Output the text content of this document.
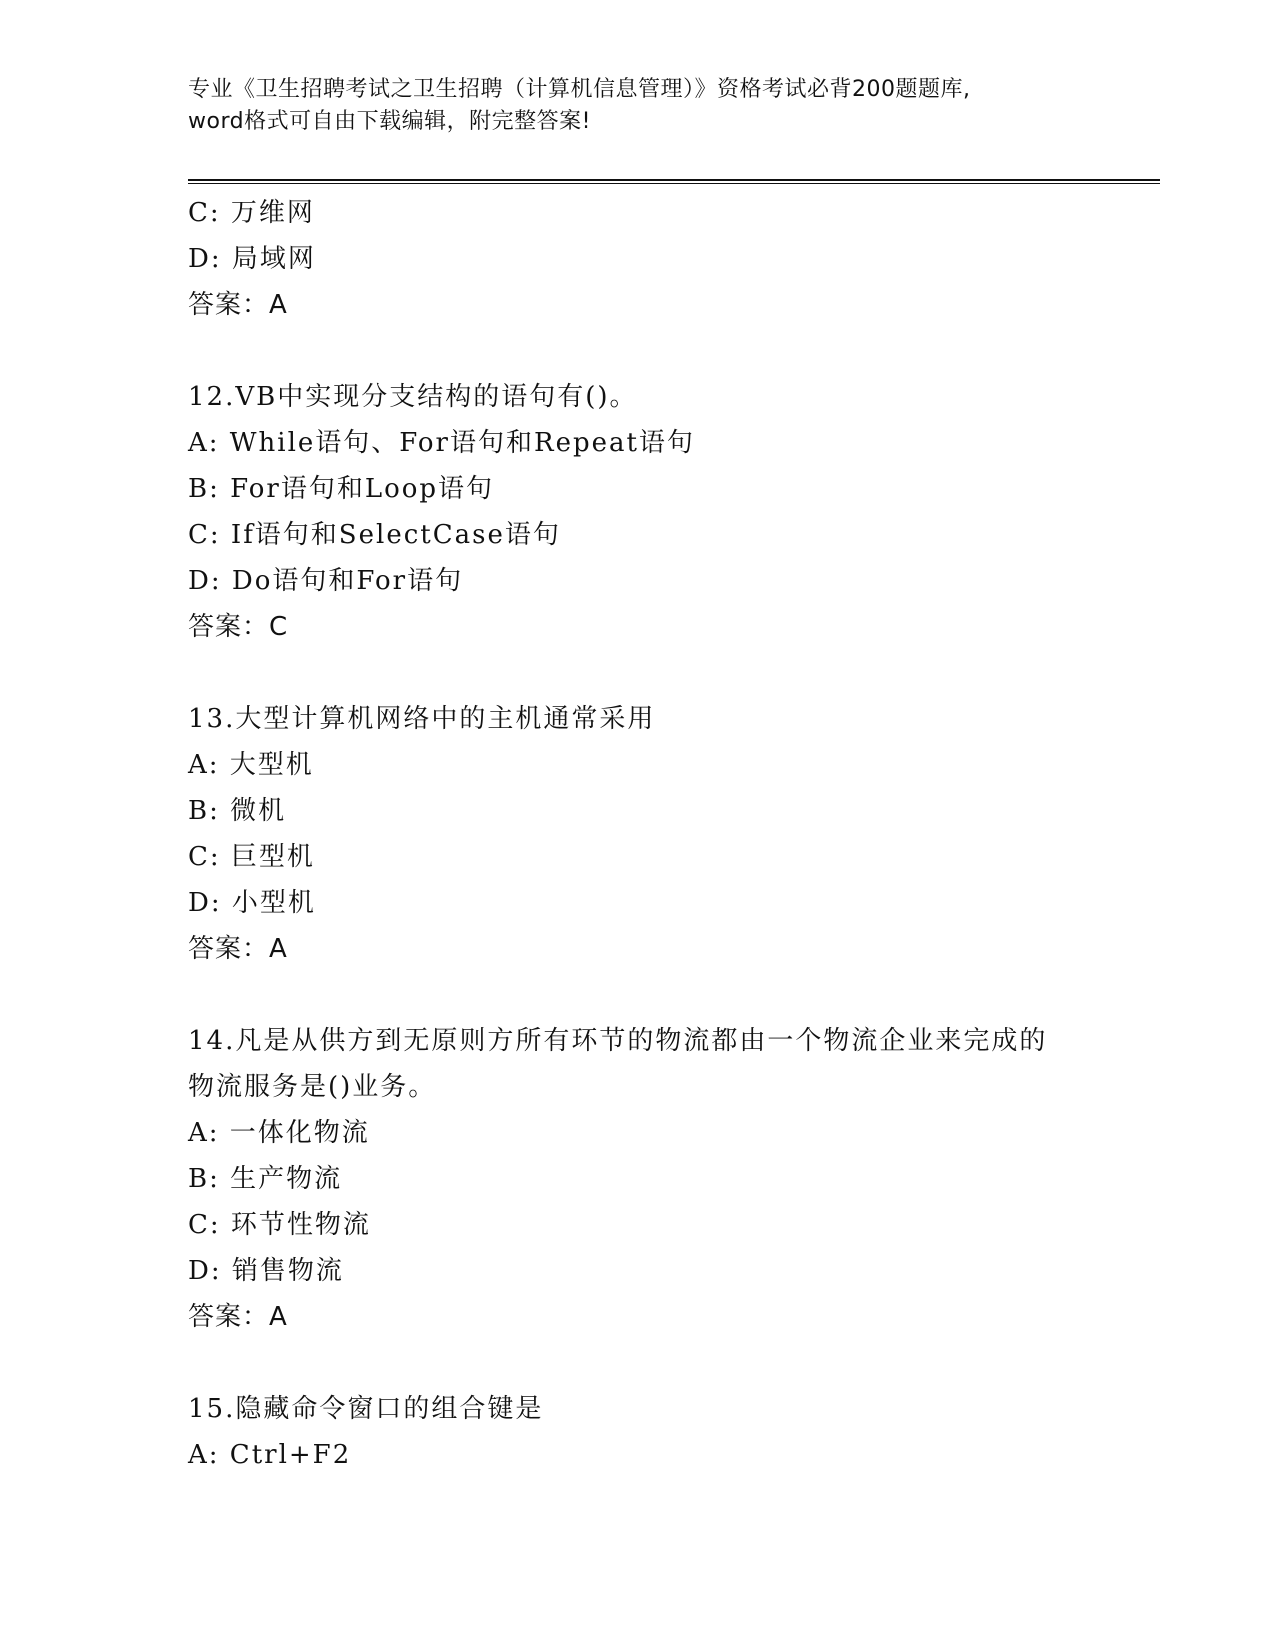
专业《卫生招聘考试之卫生招聘（计算机信息管理）》资格考试必背200题题库,
word格式可自由下载编辑，附完整答案!
C: 万维网
D: 局域网
答案：A
12.VB中实现分支结构的语句有()。
A: While语句、For语句和Repeat语句
B: For语句和Loop语句
C: If语句和SelectCase语句
D: Do语句和For语句
答案：C
13.大型计算机网络中的主机通常采用
A: 大型机
B: 微机
C: 巨型机
D: 小型机
答案：A
14.凡是从供方到无原则方所有环节的物流都由一个物流企业来完成的
物流服务是()业务。
A: 一体化物流
B: 生产物流
C: 环节性物流
D: 销售物流
答案：A
15.隐藏命令窗口的组合键是
A: Ctrl+F2
